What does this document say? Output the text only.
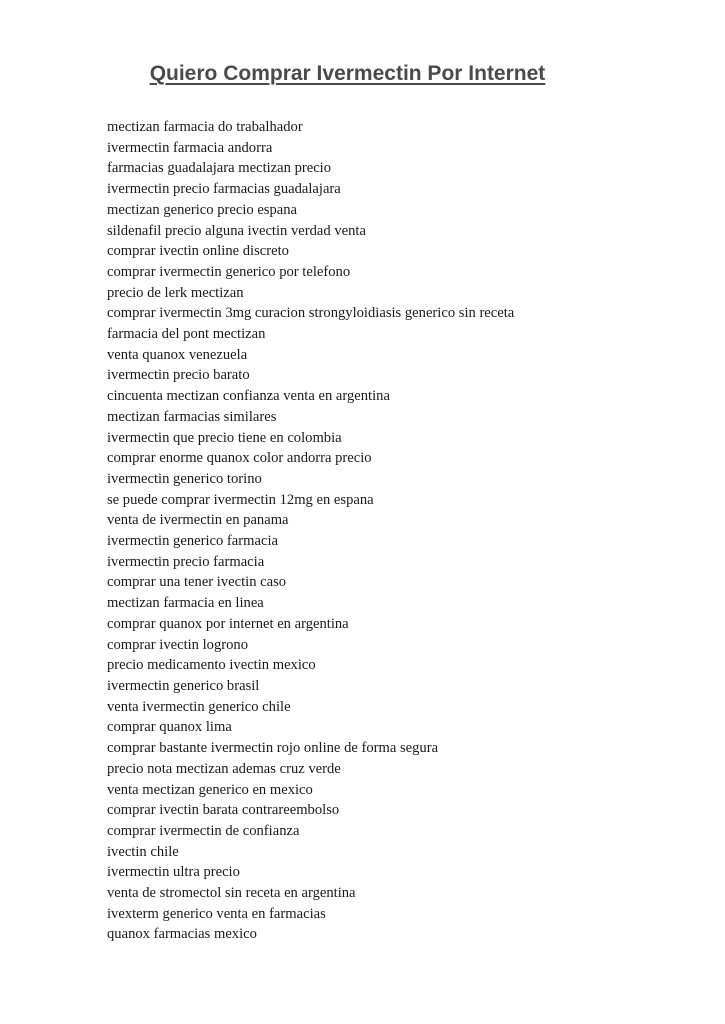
Quiero Comprar Ivermectin Por Internet
mectizan farmacia do trabalhador
ivermectin farmacia andorra
farmacias guadalajara mectizan precio
ivermectin precio farmacias guadalajara
mectizan generico precio espana
sildenafil precio alguna ivectin verdad venta
comprar ivectin online discreto
comprar ivermectin generico por telefono
precio de lerk mectizan
comprar ivermectin 3mg curacion strongyloidiasis generico sin receta
farmacia del pont mectizan
venta quanox venezuela
ivermectin precio barato
cincuenta mectizan confianza venta en argentina
mectizan farmacias similares
ivermectin que precio tiene en colombia
comprar enorme quanox color andorra precio
ivermectin generico torino
se puede comprar ivermectin 12mg en espana
venta de ivermectin en panama
ivermectin generico farmacia
ivermectin precio farmacia
comprar una tener ivectin caso
mectizan farmacia en linea
comprar quanox por internet en argentina
comprar ivectin logrono
precio medicamento ivectin mexico
ivermectin generico brasil
venta ivermectin generico chile
comprar quanox lima
comprar bastante ivermectin rojo online de forma segura
precio nota mectizan ademas cruz verde
venta mectizan generico en mexico
comprar ivectin barata contrareembolso
comprar ivermectin de confianza
ivectin chile
ivermectin ultra precio
venta de stromectol sin receta en argentina
ivexterm generico venta en farmacias
quanox farmacias mexico
